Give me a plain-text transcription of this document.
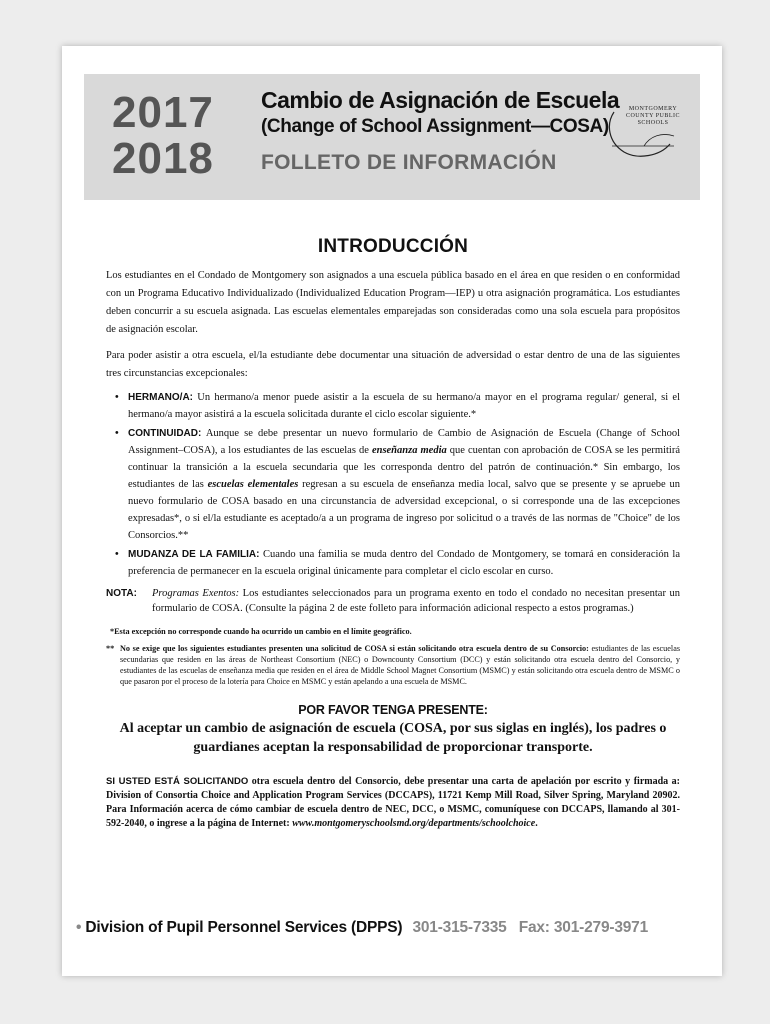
2017
2018
Cambio de Asignación de Escuela
(Change of School Assignment—COSA)
FOLLETO DE INFORMACIÓN
MONTGOMERY
COUNTY PUBLIC
SCHOOLS
INTRODUCCIÓN

Los estudiantes en el Condado de Montgomery son asignados a una escuela pública basado en el área en que residen o en conformidad con un Programa Educativo Individualizado (Individualized Education Program—IEP) u otra asignación programática. Los estudiantes deben concurrir a su escuela asignada. Las escuelas elementales emparejadas son consideradas como una sola escuela para propósitos de asignación escolar.

Para poder asistir a otra escuela, el/la estudiante debe documentar una situación de adversidad o estar dentro de una de las siguientes tres circunstancias excepcionales:

• HERMANO/A: Un hermano/a menor puede asistir a la escuela de su hermano/a mayor en el programa regular/ general, si el hermano/a mayor asistirá a la escuela solicitada durante el ciclo escolar siguiente.*
• CONTINUIDAD: Aunque se debe presentar un nuevo formulario de Cambio de Asignación de Escuela (Change of School Assignment–COSA), a los estudiantes de las escuelas de enseñanza media que cuentan con aprobación de COSA se les permitirá continuar la transición a la escuela secundaria que les corresponda dentro del patrón de continuación.* Sin embargo, los estudiantes de las escuelas elementales regresan a su escuela de enseñanza media local, salvo que se presente y se apruebe un nuevo formulario de COSA basado en una circunstancia de adversidad excepcional, o si corresponde una de las excepciones expresadas*, o si el/la estudiante es aceptado/a a un programa de ingreso por solicitud o a través de las normas de "Choice" de los Consorcios.**
• MUDANZA DE LA FAMILIA: Cuando una familia se muda dentro del Condado de Montgomery, se tomará en consideración la preferencia de permanecer en la escuela original únicamente para completar el ciclo escolar en curso.
NOTA: Programas Exentos: Los estudiantes seleccionados para un programa exento en todo el condado no necesitan presentar un formulario de COSA. (Consulte la página 2 de este folleto para información adicional respecto a estos programas.)
*Esta excepción no corresponde cuando ha ocurrido un cambio en el límite geográfico.
** No se exige que los siguientes estudiantes presenten una solicitud de COSA si están solicitando otra escuela dentro de su Consorcio: estudiantes de las escuelas secundarias que residen en las áreas de Northeast Consortium (NEC) o Downcounty Consortium (DCC) y están solicitando otra escuela dentro del Consorcio, y estudiantes de las escuelas de enseñanza media que residen en el área de Middle School Magnet Consortium (MSMC) y están solicitando otra escuela dentro de MSMC o que pasaron por el proceso de la lotería para Choice en MSMC y están apelando a una escuela de MSMC.
POR FAVOR TENGA PRESENTE:
Al aceptar un cambio de asignación de escuela (COSA, por sus siglas en inglés), los padres o guardianes aceptan la responsabilidad de proporcionar transporte.
SI USTED ESTÁ SOLICITANDO otra escuela dentro del Consorcio, debe presentar una carta de apelación por escrito y firmada a: Division of Consortia Choice and Application Program Services (DCCAPS), 11721 Kemp Mill Road, Silver Spring, Maryland 20902. Para Información acerca de cómo cambiar de escuela dentro de NEC, DCC, o MSMC, comuníquese con DCCAPS, llamando al 301-592-2040, o ingrese a la página de Internet: www.montgomeryschoolsmd.org/departments/schoolchoice.
• Division of Pupil Personnel Services (DPPS) 301-315-7335 Fax: 301-279-3971
